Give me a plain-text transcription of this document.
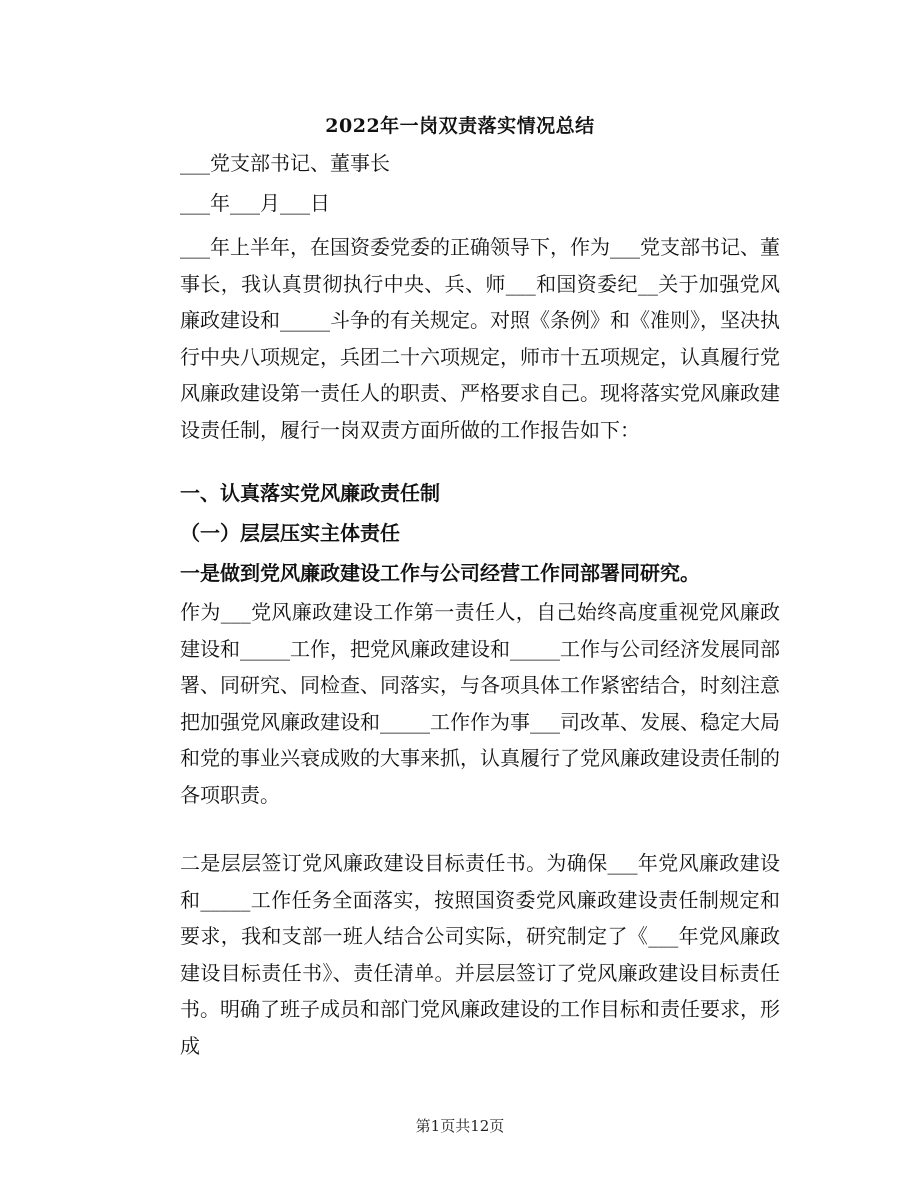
2022年一岗双责落实情况总结
___党支部书记、董事长
___年___月___日
___年上半年，在国资委党委的正确领导下，作为___党支部书记、董事长，我认真贯彻执行中央、兵、师___和国资委纪__关于加强党风廉政建设和_____斗争的有关规定。对照《条例》和《准则》，坚决执行中央八项规定，兵团二十六项规定，师市十五项规定，认真履行党风廉政建设第一责任人的职责、严格要求自己。现将落实党风廉政建设责任制，履行一岗双责方面所做的工作报告如下：
一、认真落实党风廉政责任制
（一）层层压实主体责任
一是做到党风廉政建设工作与公司经营工作同部署同研究。
作为___党风廉政建设工作第一责任人，自己始终高度重视党风廉政建设和_____工作，把党风廉政建设和_____工作与公司经济发展同部署、同研究、同检查、同落实，与各项具体工作紧密结合，时刻注意把加强党风廉政建设和_____工作作为事___司改革、发展、稳定大局和党的事业兴衰成败的大事来抓，认真履行了党风廉政建设责任制的各项职责。
二是层层签订党风廉政建设目标责任书。为确保___年党风廉政建设和_____工作任务全面落实，按照国资委党风廉政建设责任制规定和要求，我和支部一班人结合公司实际，研究制定了《___年党风廉政建设目标责任书》、责任清单。并层层签订了党风廉政建设目标责任书。明确了班子成员和部门党风廉政建设的工作目标和责任要求，形成
第1页共12页
